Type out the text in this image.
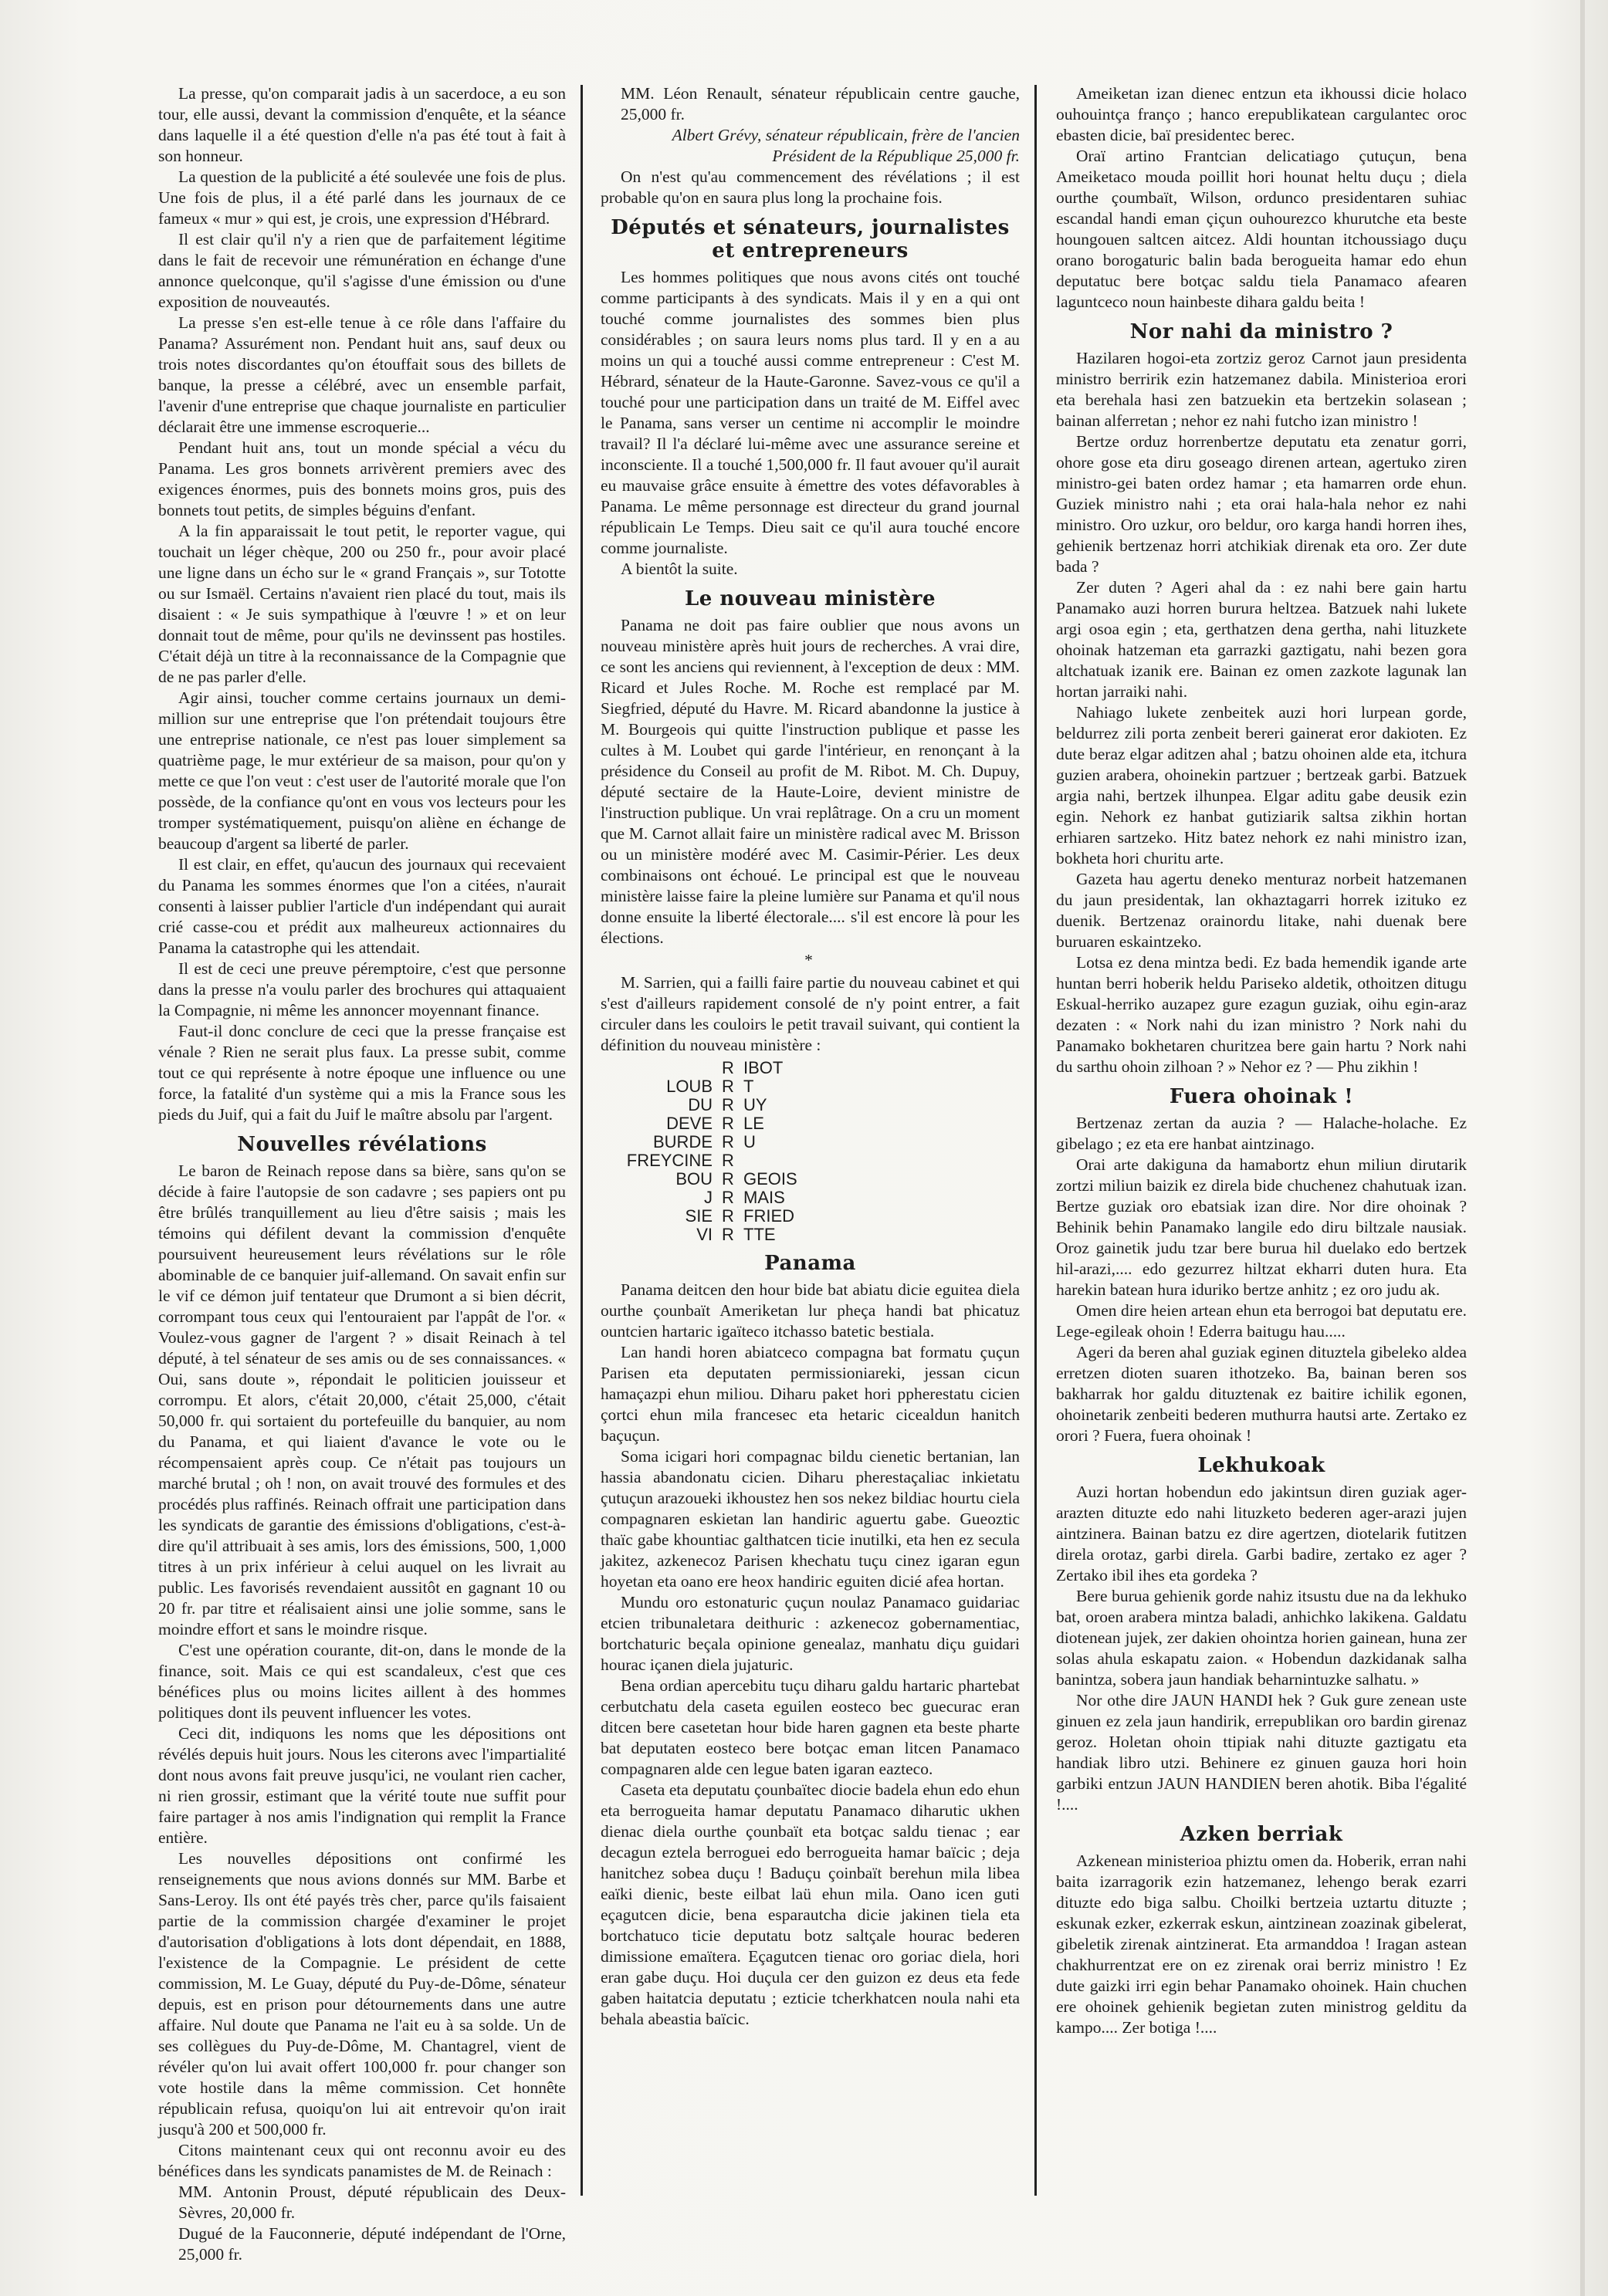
La presse, qu'on comparait jadis à un sacerdoce, a eu son tour, elle aussi, devant la commission d'enquête, et la séance dans laquelle il a été question d'elle n'a pas été tout à fait à son honneur.

La question de la publicité a été soulevée une fois de plus. Une fois de plus, il a été parlé dans les journaux de ce fameux « mur » qui est, je crois, une expression d'Hébrard.

Il est clair qu'il n'y a rien que de parfaitement légitime dans le fait de recevoir une rémunération en échange d'une annonce quelconque, qu'il s'agisse d'une émission ou d'une exposition de nouveautés.

La presse s'en est-elle tenue à ce rôle dans l'affaire du Panama? Assurément non. Pendant huit ans, sauf deux ou trois notes discordantes qu'on étouffait sous des billets de banque, la presse a célébré, avec un ensemble parfait, l'avenir d'une entreprise que chaque journaliste en particulier déclarait être une immense escroquerie...

Pendant huit ans, tout un monde spécial a vécu du Panama. Les gros bonnets arrivèrent premiers avec des exigences énormes, puis des bonnets moins gros, puis des bonnets tout petits, de simples béguins d'enfant.

A la fin apparaissait le tout petit, le reporter vague, qui touchait un léger chèque, 200 ou 250 fr., pour avoir placé une ligne dans un écho sur le « grand Français », sur Tototte ou sur Ismaël. Certains n'avaient rien placé du tout, mais ils disaient : « Je suis sympathique à l'œuvre ! » et on leur donnait tout de même, pour qu'ils ne devinssent pas hostiles. C'était déjà un titre à la reconnaissance de la Compagnie que de ne pas parler d'elle.

Agir ainsi, toucher comme certains journaux un demi-million sur une entreprise que l'on prétendait toujours être une entreprise nationale, ce n'est pas louer simplement sa quatrième page, le mur extérieur de sa maison, pour qu'on y mette ce que l'on veut : c'est user de l'autorité morale que l'on possède, de la confiance qu'ont en vous vos lecteurs pour les tromper systématiquement, puisqu'on aliène en échange de beaucoup d'argent sa liberté de parler.

Il est clair, en effet, qu'aucun des journaux qui recevaient du Panama les sommes énormes que l'on a citées, n'aurait consenti à laisser publier l'article d'un indépendant qui aurait crié casse-cou et prédit aux malheureux actionnaires du Panama la catastrophe qui les attendait.

Il est de ceci une preuve péremptoire, c'est que personne dans la presse n'a voulu parler des brochures qui attaquaient la Compagnie, ni même les annoncer moyennant finance.

Faut-il donc conclure de ceci que la presse française est vénale ? Rien ne serait plus faux. La presse subit, comme tout ce qui représente à notre époque une influence ou une force, la fatalité d'un système qui a mis la France sous les pieds du Juif, qui a fait du Juif le maître absolu par l'argent.

Nouvelles révélations

Le baron de Reinach repose dans sa bière, sans qu'on se décide à faire l'autopsie de son cadavre ; ses papiers ont pu être brûlés tranquillement au lieu d'être saisis ; mais les témoins qui défilent devant la commission d'enquête poursuivent heureusement leurs révélations sur le rôle abominable de ce banquier juif-allemand. On savait enfin sur le vif ce démon juif tentateur que Drumont a si bien décrit, corrompant tous ceux qui l'entouraient par l'appât de l'or. « Voulez-vous gagner de l'argent ? » disait Reinach à tel député, à tel sénateur de ses amis ou de ses connaissances. « Oui, sans doute », répondait le politicien jouisseur et corrompu. Et alors, c'était 20,000, c'était 25,000, c'était 50,000 fr. qui sortaient du portefeuille du banquier, au nom du Panama, et qui liaient d'avance le vote ou le récompensaient après coup. Ce n'était pas toujours un marché brutal ; oh ! non, on avait trouvé des formules et des procédés plus raffinés. Reinach offrait une participation dans les syndicats de garantie des émissions d'obligations, c'est-à-dire qu'il attribuait à ses amis, lors des émissions, 500, 1,000 titres à un prix inférieur à celui auquel on les livrait au public. Les favorisés revendaient aussitôt en gagnant 10 ou 20 fr. par titre et réalisaient ainsi une jolie somme, sans le moindre effort et sans le moindre risque.

C'est une opération courante, dit-on, dans le monde de la finance, soit. Mais ce qui est scandaleux, c'est que ces bénéfices plus ou moins licites aillent à des hommes politiques dont ils peuvent influencer les votes.

Ceci dit, indiquons les noms que les dépositions ont révélés depuis huit jours. Nous les citerons avec l'impartialité dont nous avons fait preuve jusqu'ici, ne voulant rien cacher, ni rien grossir, estimant que la vérité toute nue suffit pour faire partager à nos amis l'indignation qui remplit la France entière.

Les nouvelles dépositions ont confirmé les renseignements que nous avions donnés sur MM. Barbe et Sans-Leroy. Ils ont été payés très cher, parce qu'ils faisaient partie de la commission chargée d'examiner le projet d'autorisation d'obligations à lots dont dépendait, en 1888, l'existence de la Compagnie. Le président de cette commission, M. Le Guay, député du Puy-de-Dôme, sénateur depuis, est en prison pour détournements dans une autre affaire. Nul doute que Panama ne l'ait eu à sa solde. Un de ses collègues du Puy-de-Dôme, M. Chantagrel, vient de révéler qu'on lui avait offert 100,000 fr. pour changer son vote hostile dans la même commission. Cet honnête républicain refusa, quoiqu'on lui ait entrevoir qu'on irait jusqu'à 200 et 500,000 fr.

Citons maintenant ceux qui ont reconnu avoir eu des bénéfices dans les syndicats panamistes de M. de Reinach :

MM. Antonin Proust, député républicain des Deux-Sèvres, 20,000 fr.

Dugué de la Fauconnerie, député indépendant de l'Orne, 25,000 fr.

MM. Léon Renault, sénateur républicain centre gauche, 25,000 fr.

Albert Grévy, sénateur républicain, frère de l'ancien Président de la République 25,000 fr.

On n'est qu'au commencement des révélations ; il est probable qu'on en saura plus long la prochaine fois.

Députés et sénateurs, journalistes et entrepreneurs

Les hommes politiques que nous avons cités ont touché comme participants à des syndicats. Mais il y en a qui ont touché comme journalistes des sommes bien plus considérables ; on saura leurs noms plus tard. Il y en a au moins un qui a touché aussi comme entrepreneur : C'est M. Hébrard, sénateur de la Haute-Garonne. Savez-vous ce qu'il a touché pour une participation dans un traité de M. Eiffel avec le Panama, sans verser un centime ni accomplir le moindre travail? Il l'a déclaré lui-même avec une assurance sereine et inconsciente. Il a touché 1,500,000 fr. Il faut avouer qu'il aurait eu mauvaise grâce ensuite à émettre des votes défavorables à Panama. Le même personnage est directeur du grand journal républicain Le Temps. Dieu sait ce qu'il aura touché encore comme journaliste.

A bientôt la suite.

Le nouveau ministère

Panama ne doit pas faire oublier que nous avons un nouveau ministère après huit jours de recherches. A vrai dire, ce sont les anciens qui reviennent, à l'exception de deux : MM. Ricard et Jules Roche. M. Roche est remplacé par M. Siegfried, député du Havre. M. Ricard abandonne la justice à M. Bourgeois qui quitte l'instruction publique et passe les cultes à M. Loubet qui garde l'intérieur, en renonçant à la présidence du Conseil au profit de M. Ribot. M. Ch. Dupuy, député sectaire de la Haute-Loire, devient ministre de l'instruction publique. Un vrai replâtrage. On a cru un moment que M. Carnot allait faire un ministère radical avec M. Brisson ou un ministère modéré avec M. Casimir-Périer. Les deux combinaisons ont échoué. Le principal est que le nouveau ministère laisse faire la pleine lumière sur Panama et qu'il nous donne ensuite la liberté électorale.... s'il est encore là pour les élections.

*

M. Sarrien, qui a failli faire partie du nouveau cabinet et qui s'est d'ailleurs rapidement consolé de n'y point entrer, a fait circuler dans les couloirs le petit travail suivant, qui contient la définition du nouveau ministère :

R IBOT
LOUB R T
DU R UY
DEVE R LE
BURDE R U
FREYCINE R
BOU R GEOIS
J R MAIS
SIE R FRIED
VI R TTE
Panama

Panama deitcen den hour bide bat abiatu dicie eguitea diela ourthe çounbaït Ameriketan lur pheça handi bat phicatuz ountcien hartaric igaïteco itchasso batetic bestiala.

Lan handi horen abiatceco compagna bat formatu çuçun Parisen eta deputaten permissioniareki, jessan cicun hamaçazpi ehun miliou. Diharu paket hori ppherestatu cicien çortci ehun mila francesec eta hetaric cicealdun hanitch baçuçun.

Soma icigari hori compagnac bildu cienetic bertanian, lan hassia abandonatu cicien. Diharu pherestaçaliac inkietatu çutuçun arazoueki ikhoustez hen sos nekez bildiac hourtu ciela compagnaren eskietan lan handiric aguertu gabe. Gueoztic thaïc gabe khountiac galthatcen ticie inutilki, eta hen ez secula jakitez, azkenecoz Parisen khechatu tuçu cinez igaran egun hoyetan eta oano ere heox handiric eguiten dicié afea hortan.

Mundu oro estonaturic çuçun noulaz Panamaco guidariac etcien tribunaletara deithuric : azkenecoz gobernamentiac, bortchaturic beçala opinione genealaz, manhatu diçu guidari hourac içanen diela jujaturic.

Bena ordian apercebitu tuçu diharu galdu hartaric phartebat cerbutchatu dela caseta eguilen eosteco bec guecurac eran ditcen bere casetetan hour bide haren gagnen eta beste pharte bat deputaten eosteco bere botçac eman litcen Panamaco compagnaren alde cen legue baten igaran eazteco.

Caseta eta deputatu çounbaïtec diocie badela ehun edo ehun eta berrogueita hamar deputatu Panamaco diharutic ukhen dienac diela ourthe çounbaït eta botçac saldu tienac ; ear decagun eztela berroguei edo berrogueita hamar baïcic ; deja hanitchez sobea duçu ! Baduçu çoinbaït berehun mila libea eaïki dienic, beste eilbat laü ehun mila. Oano icen guti eçagutcen dicie, bena esparautcha dicie jakinen tiela eta bortchatuco ticie deputatu botz saltçale hourac bederen dimissione emaïtera. Eçagutcen tienac oro goriac diela, hori eran gabe duçu. Hoi duçula cer den guizon ez deus eta fede gaben haitatcia deputatu ; ezticie tcherkhatcen noula nahi eta behala abeastia baïcic.

Ameiketan izan dienec entzun eta ikhoussi dicie holaco ouhouintça franço ; hanco erepublikatean cargulantec oroc ebasten dicie, baï presidentec berec.

Oraï artino Frantcian delicatiago çutuçun, bena Ameiketaco mouda poillit hori hounat heltu duçu ; diela ourthe çoumbaït, Wilson, ordunco presidentaren suhiac escandal handi eman çiçun ouhourezco khurutche eta beste houngouen saltcen aitcez. Aldi hountan itchoussiago duçu orano borogaturic balin bada berogueita hamar edo ehun deputatuc bere botçac saldu tiela Panamaco afearen laguntceco noun hainbeste dihara galdu beita !

Nor nahi da ministro ?

Hazilaren hogoi-eta zortziz geroz Carnot jaun presidenta ministro berririk ezin hatzemanez dabila. Ministerioa erori eta berehala hasi zen batzuekin eta bertzekin solasean ; bainan alferretan ; nehor ez nahi futcho izan ministro !

Bertze orduz horrenbertze deputatu eta zenatur gorri, ohore gose eta diru goseago direnen artean, agertuko ziren ministro-gei baten ordez hamar ; eta hamarren orde ehun. Guziek ministro nahi ; eta orai hala-hala nehor ez nahi ministro. Oro uzkur, oro beldur, oro karga handi horren ihes, gehienik bertzenaz horri atchikiak direnak eta oro. Zer dute bada ?

Zer duten ? Ageri ahal da : ez nahi bere gain hartu Panamako auzi horren burura heltzea. Batzuek nahi lukete argi osoa egin ; eta, gerthatzen dena gertha, nahi lituzkete ohoinak hatzeman eta garrazki gaztigatu, nahi bezen gora altchatuak izanik ere. Bainan ez omen zazkote lagunak lan hortan jarraiki nahi.

Nahiago lukete zenbeitek auzi hori lurpean gorde, beldurrez zili porta zenbeit bereri gainerat eror dakioten. Ez dute beraz elgar aditzen ahal ; batzu ohoinen alde eta, itchura guzien arabera, ohoinekin partzuer ; bertzeak garbi. Batzuek argia nahi, bertzek ilhunpea. Elgar aditu gabe deusik ezin egin. Nehork ez hanbat gutiziarik saltsa zikhin hortan erhiaren sartzeko. Hitz batez nehork ez nahi ministro izan, bokheta hori churitu arte.

Gazeta hau agertu deneko menturaz norbeit hatzemanen du jaun presidentak, lan okhaztagarri horrek izituko ez duenik. Bertzenaz orainordu litake, nahi duenak bere buruaren eskaintzeko.

Lotsa ez dena mintza bedi. Ez bada hemendik igande arte huntan berri hoberik heldu Pariseko aldetik, othoitzen ditugu Eskual-herriko auzapez gure ezagun guziak, oihu egin-araz dezaten : « Nork nahi du izan ministro ? Nork nahi du Panamako bokhetaren churitzea bere gain hartu ? Nork nahi du sarthu ohoin zilhoan ? » Nehor ez ? — Phu zikhin !

Fuera ohoinak !

Bertzenaz zertan da auzia ? — Halache-holache. Ez gibelago ; ez eta ere hanbat aintzinago.

Orai arte dakiguna da hamabortz ehun miliun dirutarik zortzi miliun baizik ez direla bide chuchenez chahutuak izan. Bertze guziak oro ebatsiak izan dire. Nor dire ohoinak ? Behinik behin Panamako langile edo diru biltzale nausiak. Oroz gainetik judu tzar bere burua hil duelako edo bertzek hil-arazi,.... edo gezurrez hiltzat ekharri duten hura. Eta harekin batean hura iduriko bertze anhitz ; ez oro judu ak.

Omen dire heien artean ehun eta berrogoi bat deputatu ere. Lege-egileak ohoin ! Ederra baitugu hau.....

Ageri da beren ahal guziak eginen dituztela gibeleko aldea erretzen dioten suaren ithotzeko. Ba, bainan beren sos bakharrak hor galdu dituztenak ez baitire ichilik egonen, ohoinetarik zenbeiti bederen muthurra hautsi arte. Zertako ez orori ? Fuera, fuera ohoinak !

Lekhukoak

Auzi hortan hobendun edo jakintsun diren guziak ager-arazten dituzte edo nahi lituzketo bederen ager-arazi jujen aintzinera. Bainan batzu ez dire agertzen, diotelarik futitzen direla orotaz, garbi direla. Garbi badire, zertako ez ager ? Zertako ibil ihes eta gordeka ?

Bere burua gehienik gorde nahiz itsustu due na da lekhuko bat, oroen arabera mintza baladi, anhichko lakikena. Galdatu diotenean jujek, zer dakien ohointza horien gainean, huna zer solas ahula eskapatu zaion. « Hobendun dazkidanak salha banintza, sobera jaun handiak beharnintuzke salhatu. »

Nor othe dire JAUN HANDI hek ? Guk gure zenean uste ginuen ez zela jaun handirik, errepublikan oro bardin girenaz geroz. Holetan ohoin ttipiak nahi dituzte gaztigatu eta handiak libro utzi. Behinere ez ginuen gauza hori hoin garbiki entzun JAUN HANDIEN beren ahotik. Biba l'égalité !....

Azken berriak

Azkenean ministerioa phiztu omen da. Hoberik, erran nahi baita izarragorik ezin hatzemanez, lehengo berak ezarri dituzte edo biga salbu. Choilki bertzeia uztartu dituzte ; eskunak ezker, ezkerrak eskun, aintzinean zoazinak gibelerat, gibeletik zirenak aintzinerat. Eta armanddoa ! Iragan astean chakhurrentzat ere on ez zirenak orai berriz ministro ! Ez dute gaizki irri egin behar Panamako ohoinek. Hain chuchen ere ohoinek gehienik begietan zuten ministrog gelditu da kampo.... Zer botiga !....
